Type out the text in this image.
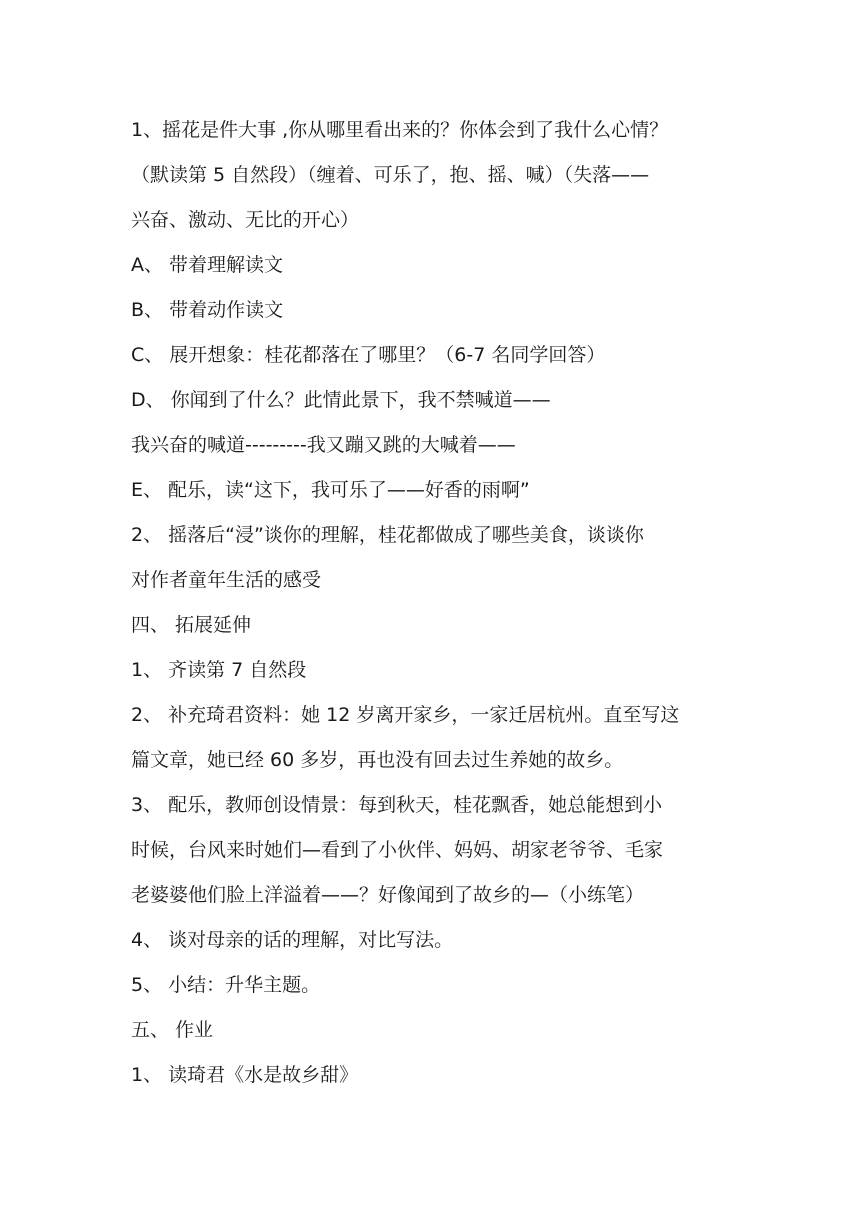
1、摇花是件大事 ,你从哪里看出来的？你体会到了我什么心情？
（默读第 5 自然段）（缠着、可乐了，抱、摇、喊）（失落——
兴奋、激动、无比的开心）
A、 带着理解读文
B、 带着动作读文
C、 展开想象：桂花都落在了哪里？（6-7 名同学回答）
D、 你闻到了什么？此情此景下，我不禁喊道——
我兴奋的喊道---------我又蹦又跳的大喊着——
E、 配乐，读“这下，我可乐了——好香的雨啊”
2、 摇落后“浸”谈你的理解，桂花都做成了哪些美食，谈谈你
对作者童年生活的感受
四、 拓展延伸
1、 齐读第 7 自然段
2、 补充琦君资料：她 12 岁离开家乡，一家迁居杭州。直至写这
篇文章，她已经 60 多岁，再也没有回去过生养她的故乡。
3、 配乐，教师创设情景：每到秋天，桂花飘香，她总能想到小
时候，台风来时她们—看到了小伙伴、妈妈、胡家老爷爷、毛家
老婆婆他们脸上洋溢着——？好像闻到了故乡的—（小练笔）
4、 谈对母亲的话的理解，对比写法。
5、 小结：升华主题。
五、 作业
1、 读琦君《水是故乡甜》
